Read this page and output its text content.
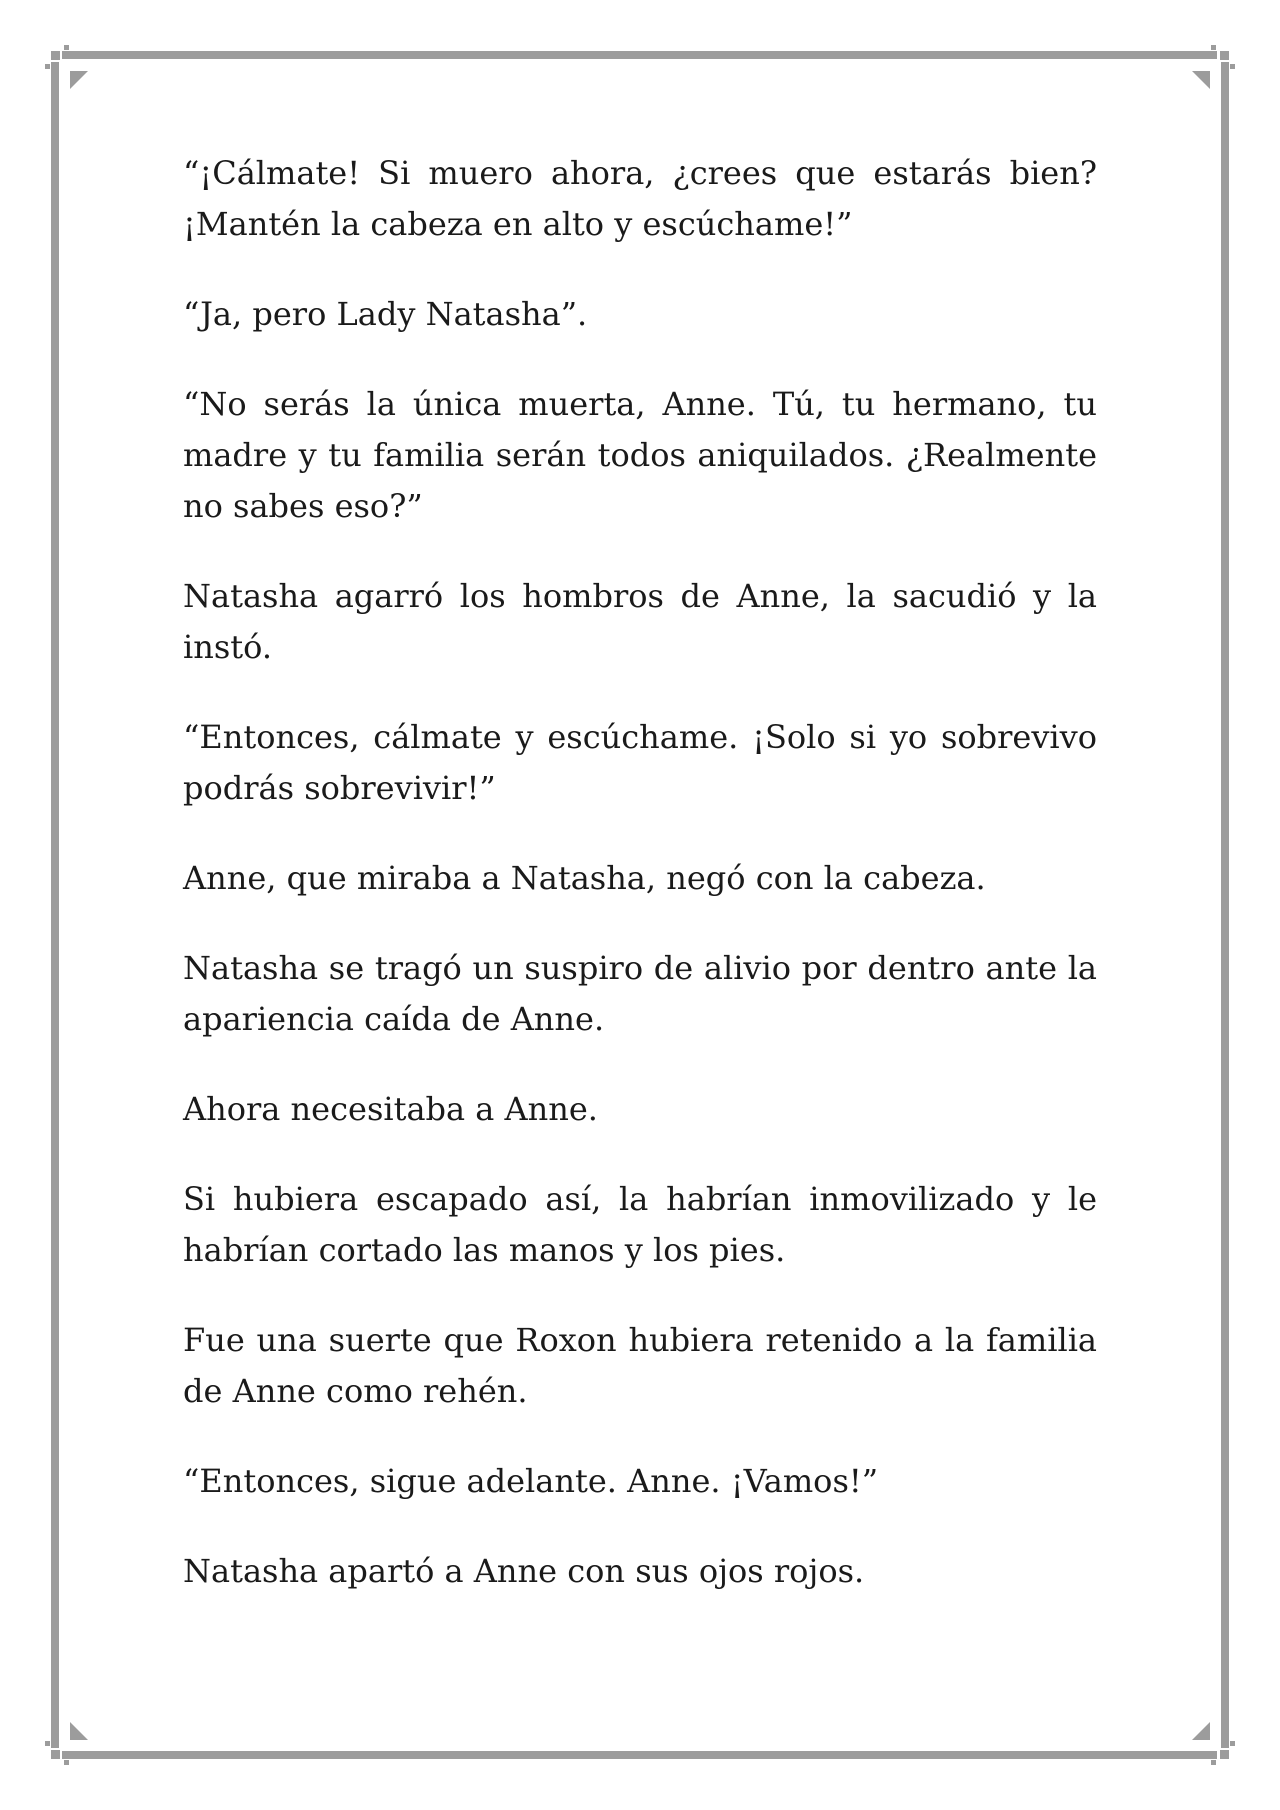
“¡Cálmate! Si muero ahora, ¿crees que estarás bien? ¡Mantén la cabeza en alto y escúchame!”

“Ja, pero Lady Natasha”.

“No serás la única muerta, Anne. Tú, tu hermano, tu madre y tu familia serán todos aniquilados. ¿Realmente no sabes eso?”

Natasha agarró los hombros de Anne, la sacudió y la instó.

“Entonces, cálmate y escúchame. ¡Solo si yo sobrevivo podrás sobrevivir!”

Anne, que miraba a Natasha, negó con la cabeza.

Natasha se tragó un suspiro de alivio por dentro ante la apariencia caída de Anne.

Ahora necesitaba a Anne.

Si hubiera escapado así, la habrían inmovilizado y le habrían cortado las manos y los pies.

Fue una suerte que Roxon hubiera retenido a la familia de Anne como rehén.

“Entonces, sigue adelante. Anne. ¡Vamos!”

Natasha apartó a Anne con sus ojos rojos.
